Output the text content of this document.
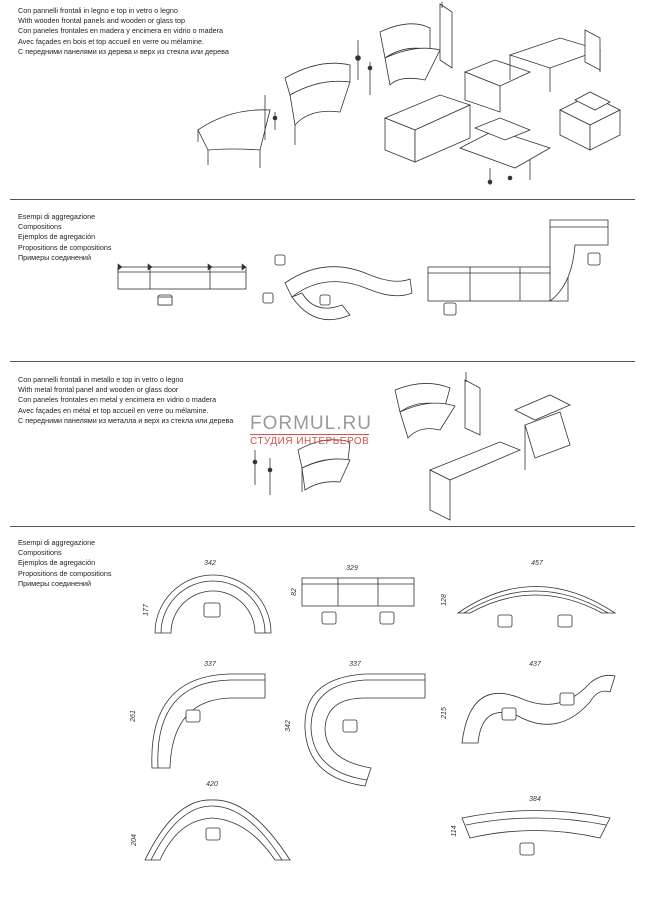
Con pannelli frontali in legno e top in vetro o legno
With wooden frontal panels and wooden or glass top
Con paneles frontales en madera y encimera en vidrio o madera
Avec façades en bois et top accueil en verre ou mélamine.
С передними панелями из дерева и верх из стекла или дерева
Esempi di aggregazione
Compositions
Ejemplos de agregación
Propositions de compositions
Примеры соединений
Con pannelli frontali in metallo e top in vetro o legno
With metal frontal panel and wooden or glass door
Con paneles frontales en metal y encimera en vidrio o madera
Avec façades en métal et top accueil en verre ou mélamine.
С передними панелями из металла и верх из стекла или дерева FORMUL.RU
СТУДИЯ ИНТЕРЬЕРОВ
Esempi di aggregazione
Compositions
Ejemplos de agregación
Propositions de compositions
Примеры соединений
342
177
329
82
457
128
337
261
337
342
437
215
420
204
384
114
